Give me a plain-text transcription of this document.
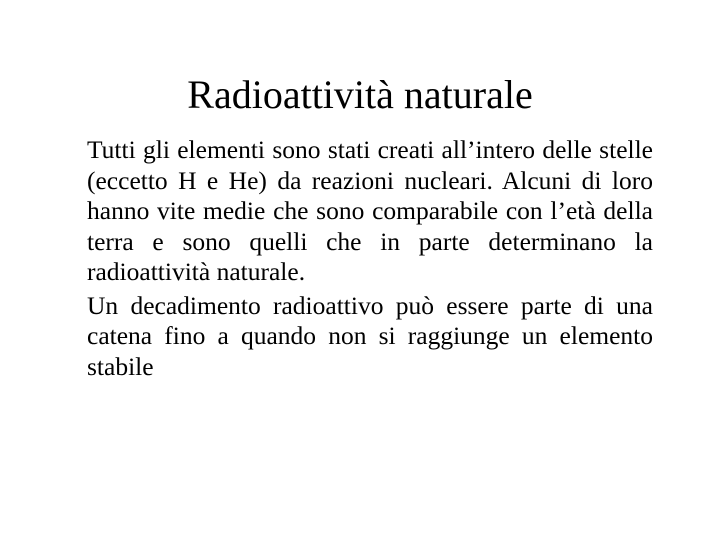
Radioattività naturale

Tutti gli elementi sono stati creati all’intero delle stelle (eccetto H e He) da reazioni nucleari. Alcuni di loro hanno vite medie che sono comparabile con l’età della terra e sono quelli che in parte determinano la radioattività naturale.

Un decadimento radioattivo può essere parte di una catena fino a quando non si raggiunge un elemento stabile
